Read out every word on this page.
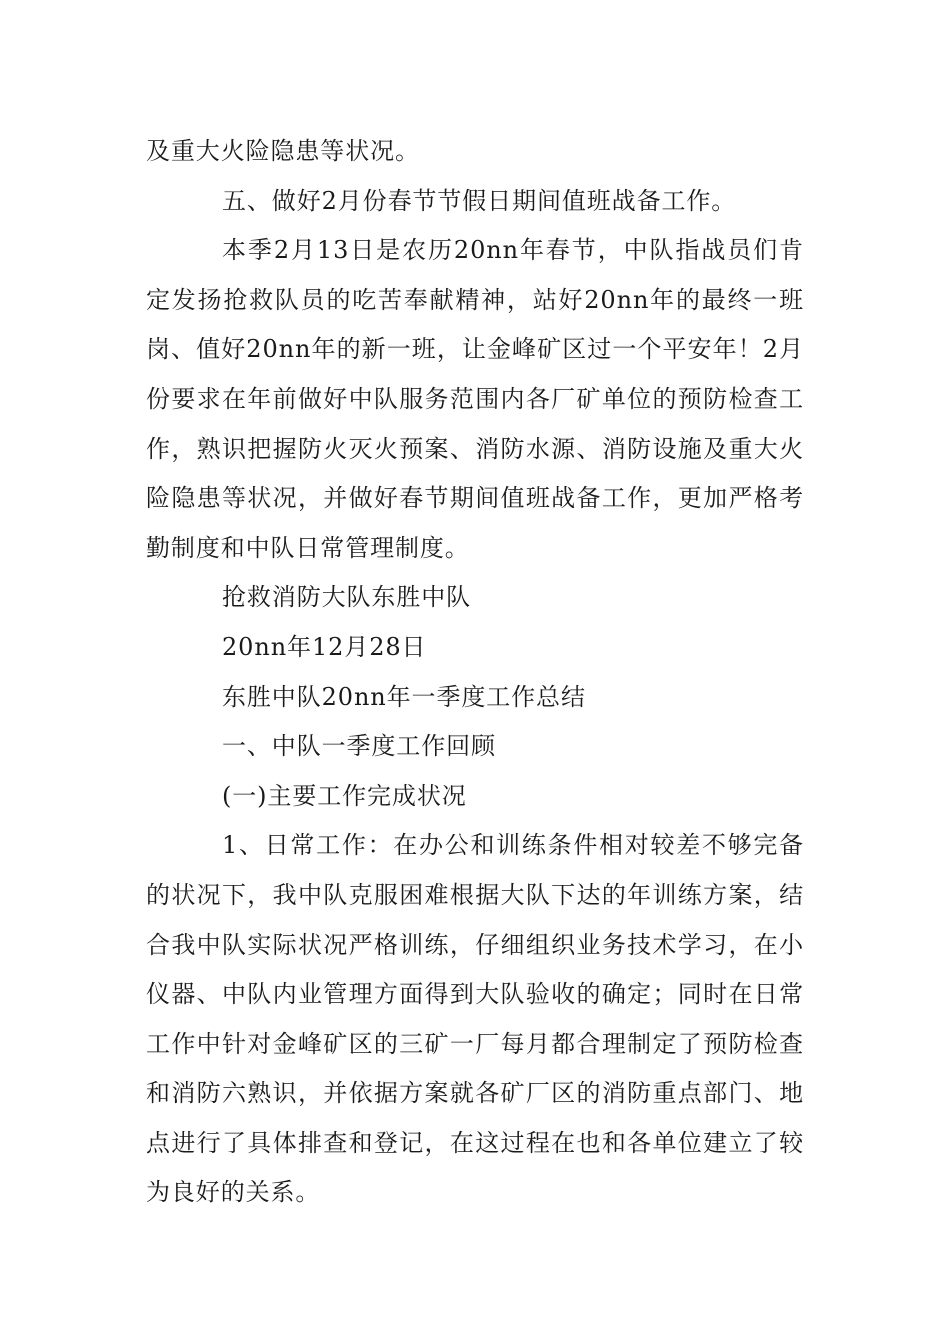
及重大火险隐患等状况。

五、做好2月份春节节假日期间值班战备工作。

本季2月13日是农历20nn年春节，中队指战员们肯定发扬抢救队员的吃苦奉献精神，站好20nn年的最终一班岗、值好20nn年的新一班，让金峰矿区过一个平安年！2月份要求在年前做好中队服务范围内各厂矿单位的预防检查工作，熟识把握防火灭火预案、消防水源、消防设施及重大火险隐患等状况，并做好春节期间值班战备工作，更加严格考勤制度和中队日常管理制度。

抢救消防大队东胜中队

20nn年12月28日

东胜中队20nn年一季度工作总结

一、中队一季度工作回顾

(一)主要工作完成状况

1、日常工作：在办公和训练条件相对较差不够完备的状况下，我中队克服困难根据大队下达的年训练方案，结合我中队实际状况严格训练，仔细组织业务技术学习，在小仪器、中队内业管理方面得到大队验收的确定；同时在日常工作中针对金峰矿区的三矿一厂每月都合理制定了预防检查和消防六熟识，并依据方案就各矿厂区的消防重点部门、地点进行了具体排查和登记，在这过程在也和各单位建立了较为良好的关系。
